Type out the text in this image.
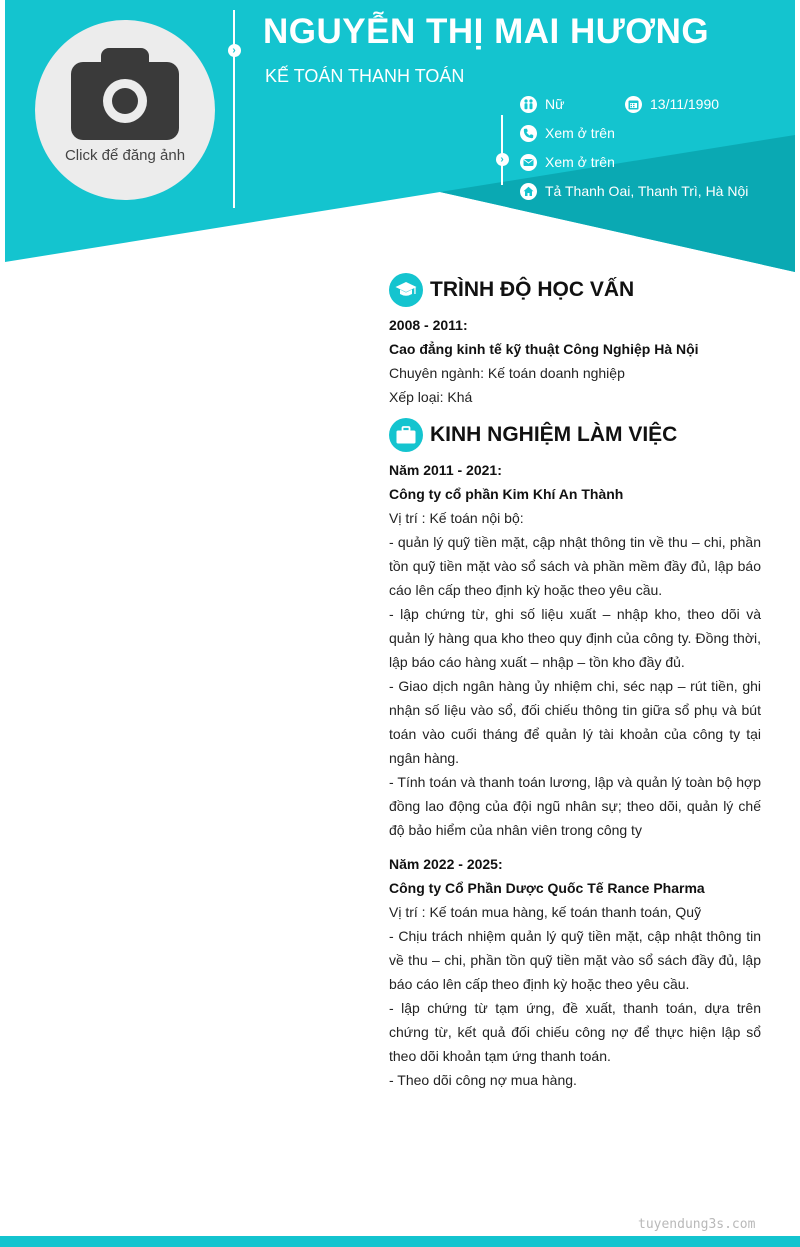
Click để đăng ảnh
› NGUYỄN THỊ MAI HƯƠNG
KẾ TOÁN THANH TOÁN
›
Nữ	13/11/1990
Xem ở trên
Xem ở trên
Tả Thanh Oai, Thanh Trì, Hà Nội
TRÌNH ĐỘ HỌC VẤN
2008 - 2011:
Cao đẳng kinh tế kỹ thuật Công Nghiệp Hà Nội
Chuyên ngành: Kế toán doanh nghiệp
Xếp loại: Khá
KINH NGHIỆM LÀM VIỆC
Năm 2011 - 2021:
Công ty cổ phần Kim Khí An Thành
Vị trí : Kế toán nội bộ:
- quản lý quỹ tiền mặt, cập nhật thông tin về thu – chi, phần tồn quỹ tiền mặt vào sổ sách và phần mềm đầy đủ, lập báo cáo lên cấp theo định kỳ hoặc theo yêu cầu.
- lập chứng từ, ghi số liệu xuất – nhập kho, theo dõi và quản lý hàng qua kho theo quy định của công ty. Đồng thời, lập báo cáo hàng xuất – nhập – tồn kho đầy đủ.
- Giao dịch ngân hàng ủy nhiệm chi, séc nạp – rút tiền, ghi nhận số liệu vào sổ, đối chiếu thông tin giữa sổ phụ và bút toán vào cuối tháng để quản lý tài khoản của công ty tại ngân hàng.
- Tính toán và thanh toán lương, lập và quản lý toàn bộ hợp đồng lao động của đội ngũ nhân sự; theo dõi, quản lý chế độ bảo hiểm của nhân viên trong công ty
Năm 2022 - 2025:
Công ty Cổ Phần Dược Quốc Tế Rance Pharma
Vị trí : Kế toán mua hàng, kế toán thanh toán, Quỹ
- Chịu trách nhiệm quản lý quỹ tiền mặt, cập nhật thông tin về thu – chi, phần tồn quỹ tiền mặt vào sổ sách đầy đủ, lập báo cáo lên cấp theo định kỳ hoặc theo yêu cầu.
- lập chứng từ tạm ứng, đề xuất, thanh toán, dựa trên chứng từ, kết quả đối chiếu công nợ để thực hiện lập sổ theo dõi khoản tạm ứng thanh toán.
- Theo dõi công nợ mua hàng.
tuyendung3s.com
